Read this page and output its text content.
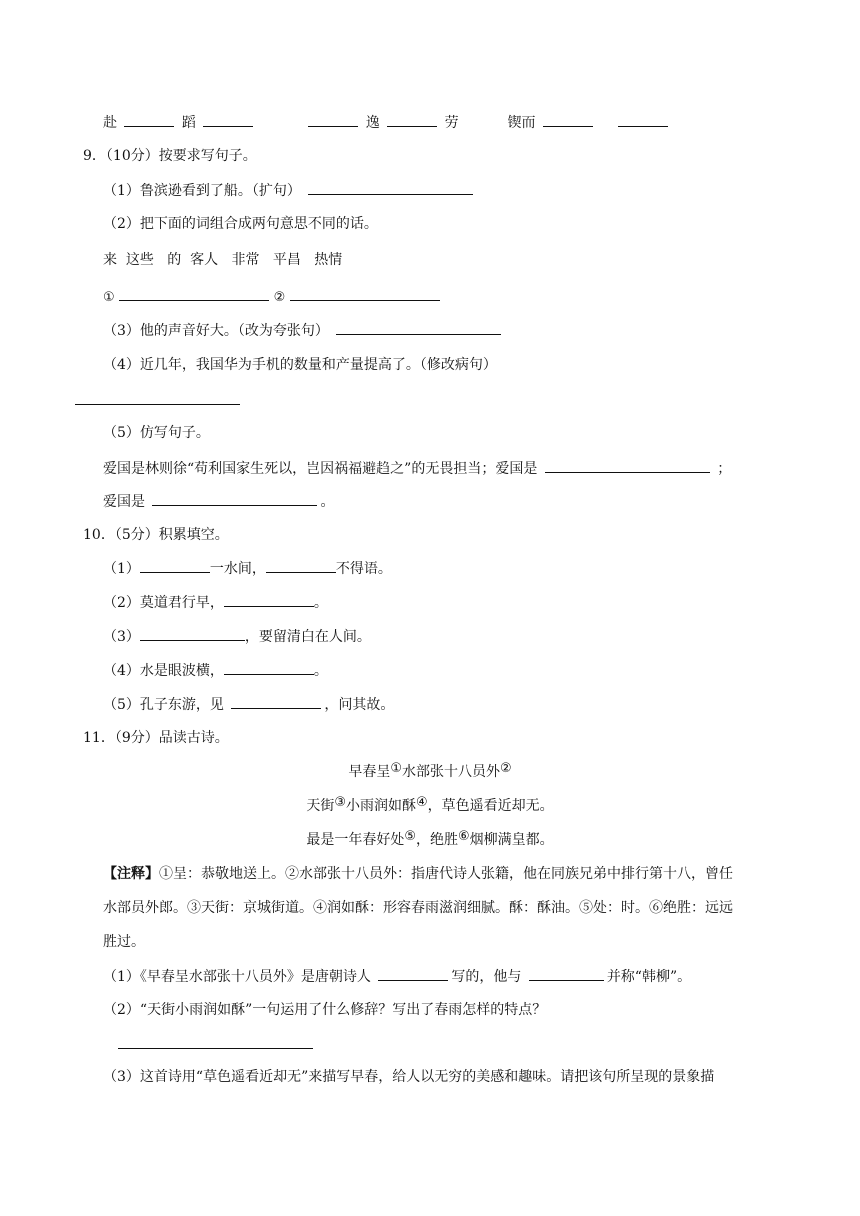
赴	蹈	逸	劳	锲而
9．（10分）按要求写句子。
（1）鲁滨逊看到了船。（扩句）
（2）把下面的词组合成两句意思不同的话。
来  这些   的  客人   非常   平昌   热情
①	②
（3）他的声音好大。（改为夸张句）
（4）近几年，我国华为手机的数量和产量提高了。（修改病句）
（5）仿写句子。
爱国是林则徐“苟利国家生死以，岂因祸福避趋之”的无畏担当；爱国是	；
爱国是	。
10．（5分）积累填空。
（1）	一水间，	不得语。
（2）莫道君行早，	。
（3）	，要留清白在人间。
（4）水是眼波横，	。
（5）孔子东游，见	，问其故。
11．（9分）品读古诗。
早春呈①水部张十八员外②
天街③小雨润如酥④，草色遥看近却无。
最是一年春好处⑤，绝胜⑥烟柳满皇都。
【注释】①呈：恭敬地送上。②水部张十八员外：指唐代诗人张籍，他在同族兄弟中排行第十八，曾任
水部员外郎。③天街：京城街道。④润如酥：形容春雨滋润细腻。酥：酥油。⑤处：时。⑥绝胜：远远
胜过。
（1）《早春呈水部张十八员外》是唐朝诗人	写的，他与	并称“韩柳”。
（2）“天街小雨润如酥”一句运用了什么修辞？写出了春雨怎样的特点？
（3）这首诗用“草色遥看近却无”来描写早春，给人以无穷的美感和趣味。请把该句所呈现的景象描
